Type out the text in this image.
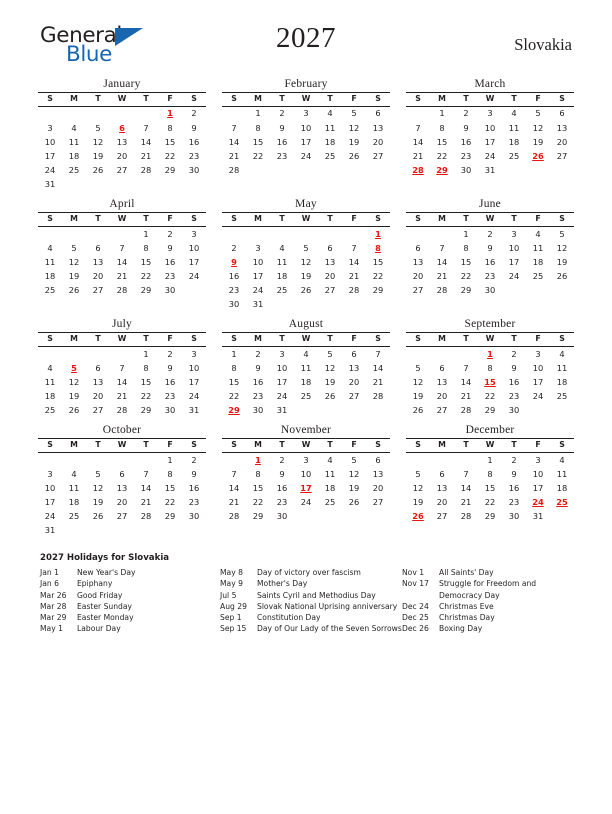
General
Blue
2027	Slovakia
January
S	M	T	W	T	F	S
					1	2
3	4	5	6	7	8	9
10	11	12	13	14	15	16
17	18	19	20	21	22	23
24	25	26	27	28	29	30
31						
February
S	M	T	W	T	F	S
	1	2	3	4	5	6
7	8	9	10	11	12	13
14	15	16	17	18	19	20
21	22	23	24	25	26	27
28						
March
S	M	T	W	T	F	S
	1	2	3	4	5	6
7	8	9	10	11	12	13
14	15	16	17	18	19	20
21	22	23	24	25	26	27
28	29	30	31			
April
S	M	T	W	T	F	S
				1	2	3
4	5	6	7	8	9	10
11	12	13	14	15	16	17
18	19	20	21	22	23	24
25	26	27	28	29	30	
May
S	M	T	W	T	F	S
						1
2	3	4	5	6	7	8
9	10	11	12	13	14	15
16	17	18	19	20	21	22
23	24	25	26	27	28	29
30	31					
June
S	M	T	W	T	F	S
		1	2	3	4	5
6	7	8	9	10	11	12
13	14	15	16	17	18	19
20	21	22	23	24	25	26
27	28	29	30			
July
S	M	T	W	T	F	S
				1	2	3
4	5	6	7	8	9	10
11	12	13	14	15	16	17
18	19	20	21	22	23	24
25	26	27	28	29	30	31
August
S	M	T	W	T	F	S
1	2	3	4	5	6	7
8	9	10	11	12	13	14
15	16	17	18	19	20	21
22	23	24	25	26	27	28
29	30	31				
September
S	M	T	W	T	F	S
			1	2	3	4
5	6	7	8	9	10	11
12	13	14	15	16	17	18
19	20	21	22	23	24	25
26	27	28	29	30		
October
S	M	T	W	T	F	S
					1	2
3	4	5	6	7	8	9
10	11	12	13	14	15	16
17	18	19	20	21	22	23
24	25	26	27	28	29	30
31						
November
S	M	T	W	T	F	S
	1	2	3	4	5	6
7	8	9	10	11	12	13
14	15	16	17	18	19	20
21	22	23	24	25	26	27
28	29	30				
December
S	M	T	W	T	F	S
			1	2	3	4
5	6	7	8	9	10	11
12	13	14	15	16	17	18
19	20	21	22	23	24	25
26	27	28	29	30	31	
2027 Holidays for Slovakia
Jan 1	New Year's Day
Jan 6	Epiphany
Mar 26	Good Friday
Mar 28	Easter Sunday
Mar 29	Easter Monday
May 1	Labour Day
May 8	Day of victory over fascism
May 9	Mother's Day
Jul 5	Saints Cyril and Methodius Day
Aug 29	Slovak National Uprising anniversary
Sep 1	Constitution Day
Sep 15	Day of Our Lady of the Seven Sorrows
Nov 1	All Saints' Day
Nov 17	Struggle for Freedom and Democracy Day
Dec 24	Christmas Eve
Dec 25	Christmas Day
Dec 26	Boxing Day
